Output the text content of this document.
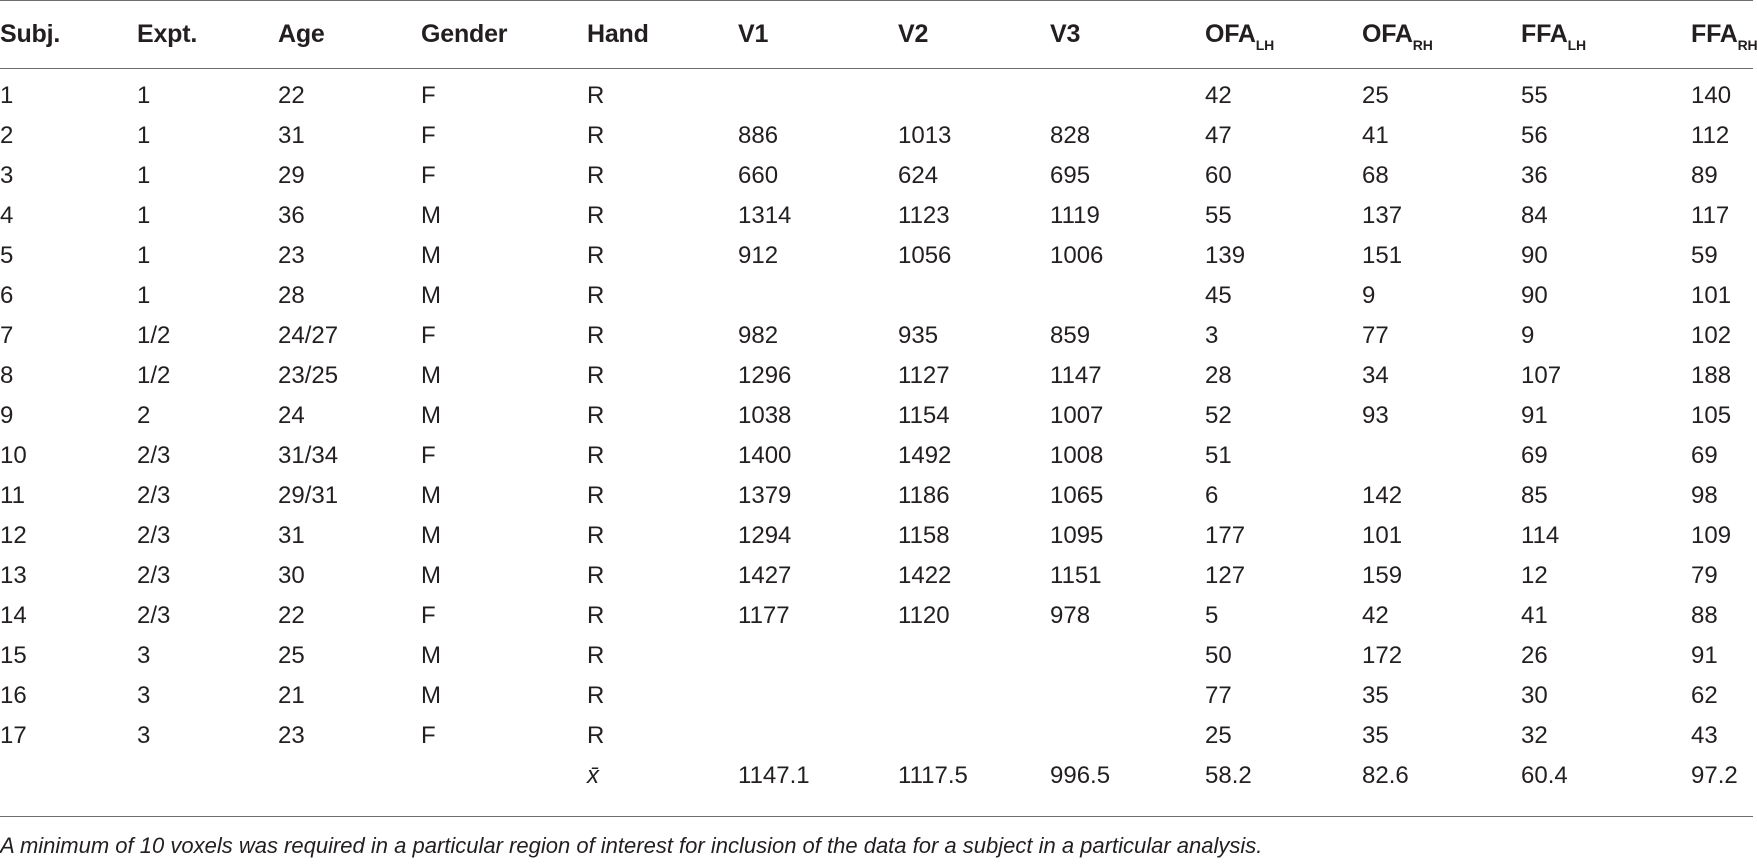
Subj.	Expt.	Age	Gender	Hand	V1	V2	V3	$OFA_{LH}$	$OFA_{RH}$	$FFA_{LH}$	$FFA_{RH}$
1	1	22	F	R				42	25	55	140
2	1	31	F	R	886	1013	828	47	41	56	112
3	1	29	F	R	660	624	695	60	68	36	89
4	1	36	M	R	1314	1123	1119	55	137	84	117
5	1	23	M	R	912	1056	1006	139	151	90	59
6	1	28	M	R				45	9	90	101
7	1/2	24/27	F	R	982	935	859	3	77	9	102
8	1/2	23/25	M	R	1296	1127	1147	28	34	107	188
9	2	24	M	R	1038	1154	1007	52	93	91	105
10	2/3	31/34	F	R	1400	1492	1008	51		69	69
11	2/3	29/31	M	R	1379	1186	1065	6	142	85	98
12	2/3	31	M	R	1294	1158	1095	177	101	114	109
13	2/3	30	M	R	1427	1422	1151	127	159	12	79
14	2/3	22	F	R	1177	1120	978	5	42	41	88
15	3	25	M	R				50	172	26	91
16	3	21	M	R				77	35	30	62
17	3	23	F	R				25	35	32	43
				x̄	1147.1	1117.5	996.5	58.2	82.6	60.4	97.2
A minimum of 10 voxels was required in a particular region of interest for inclusion of the data for a subject in a particular analysis.
